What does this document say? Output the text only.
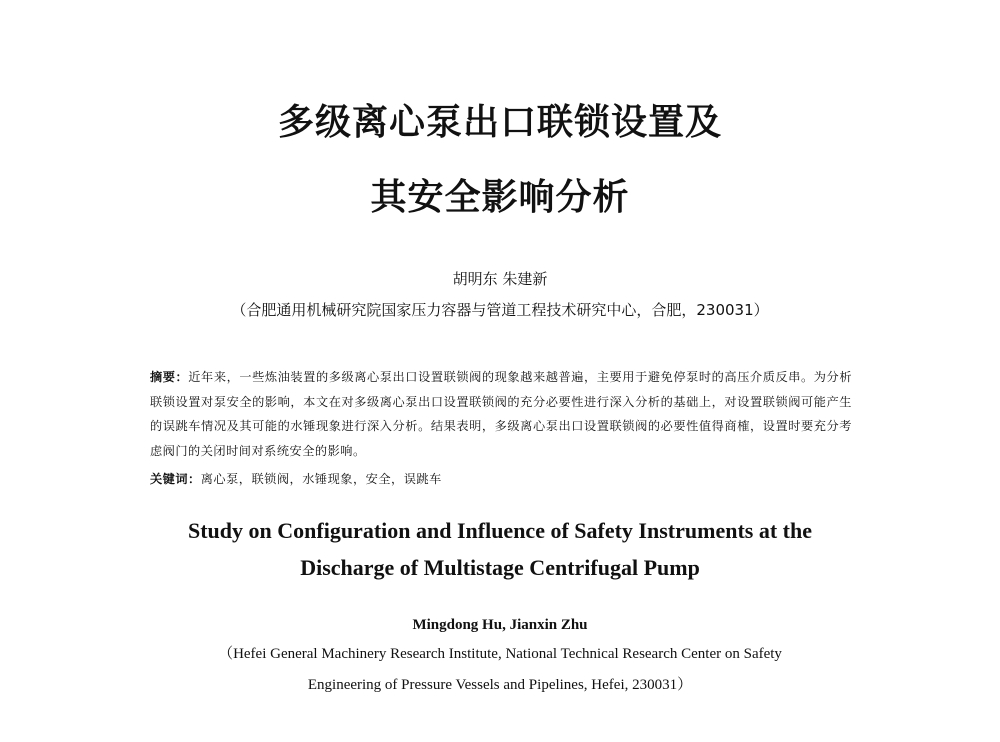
多级离心泵出口联锁设置及
其安全影响分析
胡明东 朱建新
（合肥通用机械研究院国家压力容器与管道工程技术研究中心，合肥，230031）
摘要：近年来，一些炼油装置的多级离心泵出口设置联锁阀的现象越来越普遍，主要用于避免停泵时的高压介质反串。为分析联锁设置对泵安全的影响，本文在对多级离心泵出口设置联锁阀的充分必要性进行深入分析的基础上，对设置联锁阀可能产生的误跳车情况及其可能的水锤现象进行深入分析。结果表明，多级离心泵出口设置联锁阀的必要性值得商榷，设置时要充分考虑阀门的关闭时间对系统安全的影响。
关键词：离心泵，联锁阀，水锤现象，安全，误跳车
Study on Configuration and Influence of Safety Instruments at the
Discharge of Multistage Centrifugal Pump
Mingdong Hu, Jianxin Zhu
（Hefei General Machinery Research Institute, National Technical Research Center on Safety
Engineering of Pressure Vessels and Pipelines, Hefei, 230031）
